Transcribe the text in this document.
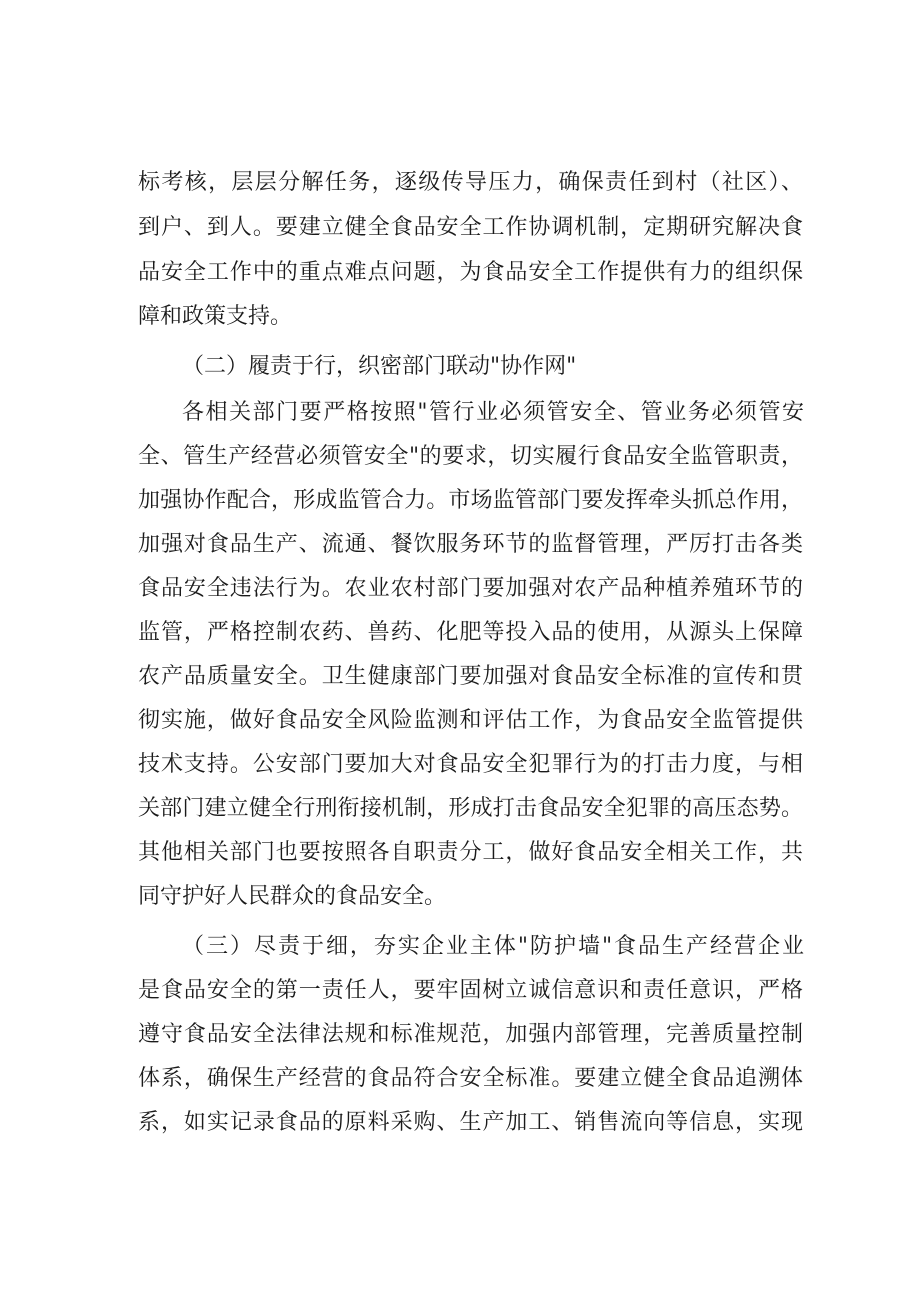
标考核，层层分解任务，逐级传导压力，确保责任到村（社区）、
到户、到人。要建立健全食品安全工作协调机制，定期研究解决食
品安全工作中的重点难点问题，为食品安全工作提供有力的组织保
障和政策支持。
（二）履责于行，织密部门联动"协作网"
各相关部门要严格按照"管行业必须管安全、管业务必须管安
全、管生产经营必须管安全"的要求，切实履行食品安全监管职责，
加强协作配合，形成监管合力。市场监管部门要发挥牵头抓总作用，
加强对食品生产、流通、餐饮服务环节的监督管理，严厉打击各类
食品安全违法行为。农业农村部门要加强对农产品种植养殖环节的
监管，严格控制农药、兽药、化肥等投入品的使用，从源头上保障
农产品质量安全。卫生健康部门要加强对食品安全标准的宣传和贯
彻实施，做好食品安全风险监测和评估工作，为食品安全监管提供
技术支持。公安部门要加大对食品安全犯罪行为的打击力度，与相
关部门建立健全行刑衔接机制，形成打击食品安全犯罪的高压态势。
其他相关部门也要按照各自职责分工，做好食品安全相关工作，共
同守护好人民群众的食品安全。
（三）尽责于细，夯实企业主体"防护墙"食品生产经营企业
是食品安全的第一责任人，要牢固树立诚信意识和责任意识，严格
遵守食品安全法律法规和标准规范，加强内部管理，完善质量控制
体系，确保生产经营的食品符合安全标准。要建立健全食品追溯体
系，如实记录食品的原料采购、生产加工、销售流向等信息，实现
